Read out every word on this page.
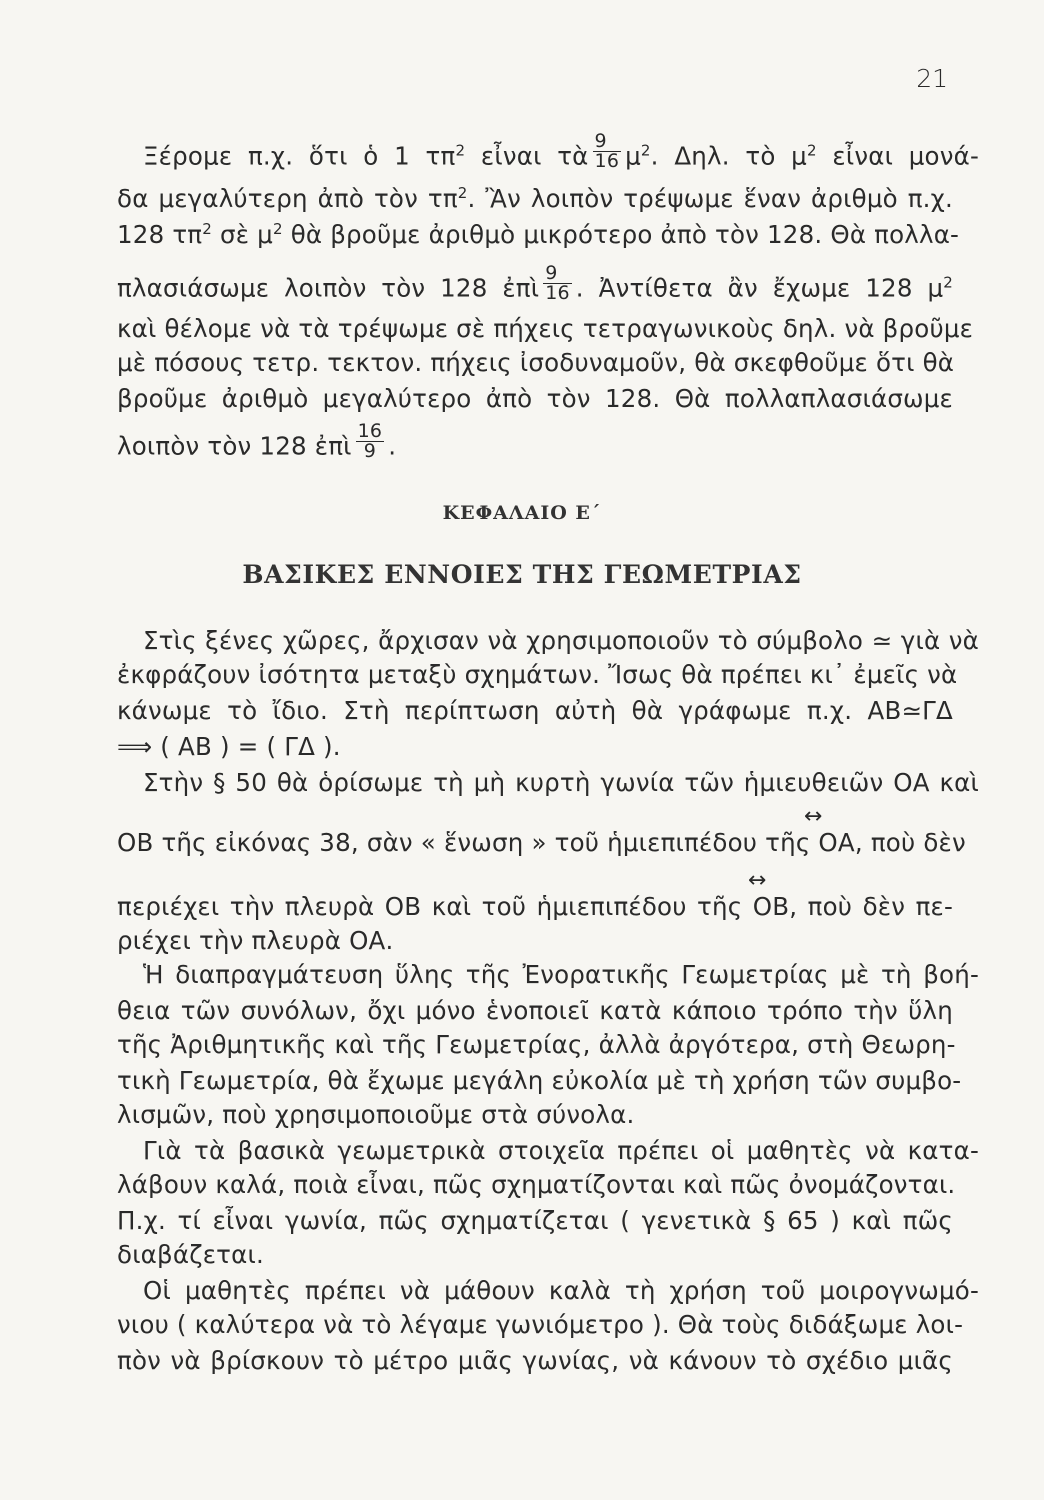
21
Ξέρομε π.χ. ὅτι ὁ 1 $\tau\pi^2$ εἶναι τὰ $\frac{9}{16} \mu^2$. Δηλ. τὸ $\mu^2$ εἶναι μονά-
δα μεγαλύτερη ἀπὸ τὸν $\tau\pi^2$. Ἂν λοιπὸν τρέψωμε ἕναν ἀριθμὸ π.χ.
128 $\tau\pi^2$ σὲ $\mu^2$ θὰ βροῦμε ἀριθμὸ μικρότερο ἀπὸ τὸν 128. Θὰ πολλα-
πλασιάσωμε λοιπὸν τὸν 128 ἐπὶ $\frac{9}{16}$ . Ἀντίθετα ἂν ἔχωμε 128 $\mu^2$
καὶ θέλομε νὰ τὰ τρέψωμε σὲ πήχεις τετραγωνικοὺς δηλ. νὰ βροῦμε
μὲ πόσους τετρ. τεκτον. πήχεις ἰσοδυναμοῦν, θὰ σκεφθοῦμε ὅτι θὰ
βροῦμε ἀριθμὸ μεγαλύτερο ἀπὸ τὸν 128. Θὰ πολλαπλασιάσωμε
λοιπὸν τὸν 128 ἐπὶ $\frac{16}{9}$ .
ΚΕΦΑΛΑΙΟ Ε΄
ΒΑΣΙΚΕΣ ΕΝΝΟΙΕΣ ΤΗΣ ΓΕΩΜΕΤΡΙΑΣ
Στὶς ξένες χῶρες, ἄρχισαν νὰ χρησιμοποιοῦν τὸ σύμβολο ≃ γιὰ νὰ
ἐκφράζουν ἰσότητα μεταξὺ σχημάτων. Ἴσως θὰ πρέπει κι᾽ ἐμεῖς νὰ
κάνωμε τὸ ἴδιο. Στὴ περίπτωση αὐτὴ θὰ γράφωμε π.χ. ΑΒ≃ΓΔ
⟹ ( ΑΒ ) = ( ΓΔ ).
Στὴν § 50 θὰ ὁρίσωμε τὴ μὴ κυρτὴ γωνία τῶν ἡμιευθειῶν ΟΑ καὶ
↔
ΟΒ τῆς εἰκόνας 38, σὰν « ἕνωση » τοῦ ἡμιεπιπέδου τῆς ΟΑ, ποὺ δὲν
↔
περιέχει τὴν πλευρὰ ΟΒ καὶ τοῦ ἡμιεπιπέδου τῆς ΟΒ, ποὺ δὲν πε-
ριέχει τὴν πλευρὰ ΟΑ.
Ἡ διαπραγμάτευση ὕλης τῆς Ἐνορατικῆς Γεωμετρίας μὲ τὴ βοή-
θεια τῶν συνόλων, ὄχι μόνο ἑνοποιεῖ κατὰ κάποιο τρόπο τὴν ὕλη
τῆς Ἀριθμητικῆς καὶ τῆς Γεωμετρίας, ἀλλὰ ἀργότερα, στὴ Θεωρη-
τικὴ Γεωμετρία, θὰ ἔχωμε μεγάλη εὐκολία μὲ τὴ χρήση τῶν συμβο-
λισμῶν, ποὺ χρησιμοποιοῦμε στὰ σύνολα.
Γιὰ τὰ βασικὰ γεωμετρικὰ στοιχεῖα πρέπει οἱ μαθητὲς νὰ κατα-
λάβουν καλά, ποιὰ εἶναι, πῶς σχηματίζονται καὶ πῶς ὀνομάζονται.
Π.χ. τί εἶναι γωνία, πῶς σχηματίζεται ( γενετικὰ § 65 ) καὶ πῶς
διαβάζεται.
Οἱ μαθητὲς πρέπει νὰ μάθουν καλὰ τὴ χρήση τοῦ μοιρογνωμό-
νιου ( καλύτερα νὰ τὸ λέγαμε γωνιόμετρο ). Θὰ τοὺς διδάξωμε λοι-
πὸν νὰ βρίσκουν τὸ μέτρο μιᾶς γωνίας, νὰ κάνουν τὸ σχέδιο μιᾶς
